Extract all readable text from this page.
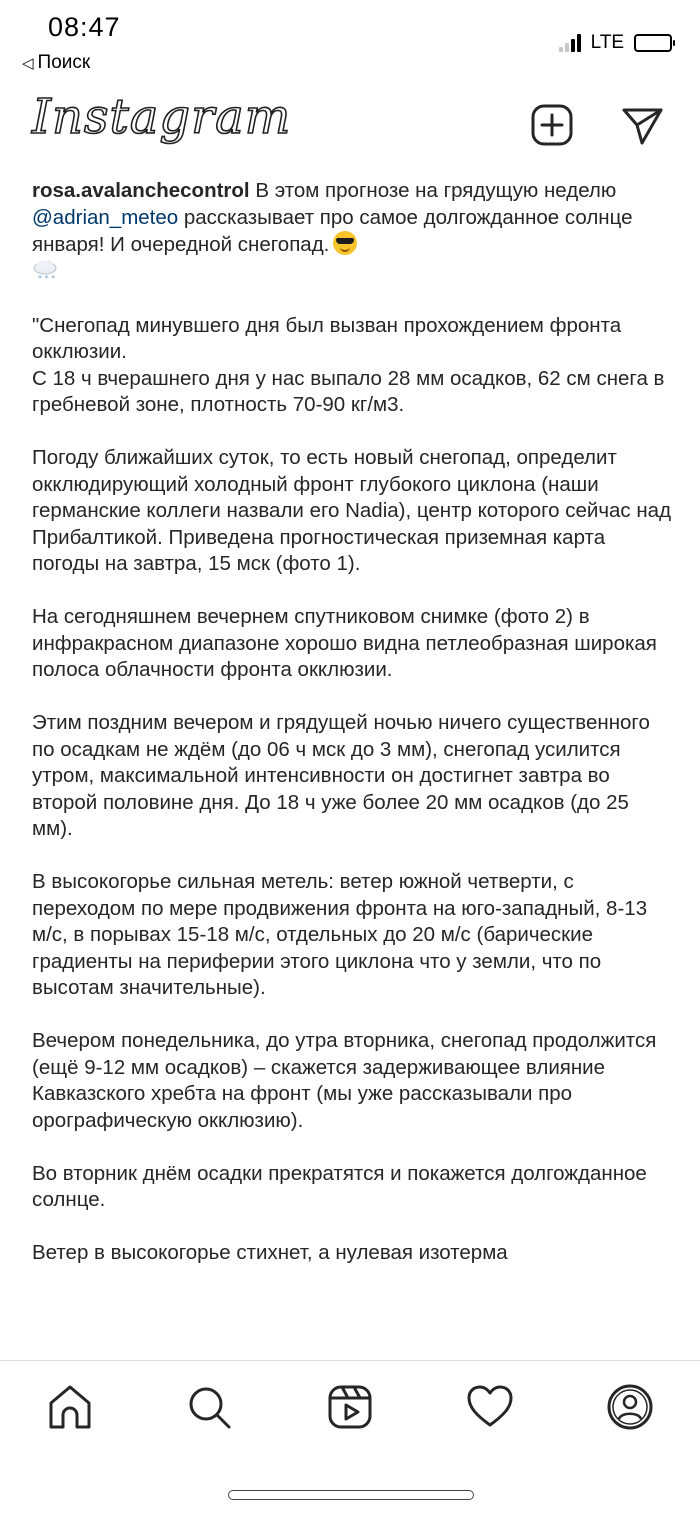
08:47
◁ Поиск
LTE
Instagram

rosa.avalanchecontrol В этом прогнозе на грядущую неделю @adrian_meteo рассказывает про самое долгожданное солнце января! И очередной снегопад.

* * *

"Снегопад минувшего дня был вызван прохождением фронта окклюзии.
С 18 ч вчерашнего дня у нас выпало 28 мм осадков, 62 см снега в гребневой зоне, плотность 70-90 кг/м3.

Погоду ближайших суток, то есть новый снегопад, определит окклюдирующий холодный фронт глубокого циклона (наши германские коллеги назвали его Nadia), центр которого сейчас над Прибалтикой. Приведена прогностическая приземная карта погоды на завтра, 15 мск (фото 1).

На сегодняшнем вечернем спутниковом снимке (фото 2) в инфракрасном диапазоне хорошо видна петлеобразная широкая полоса облачности фронта окклюзии.

Этим поздним вечером и грядущей ночью ничего существенного по осадкам не ждём (до 06 ч мск до 3 мм), снегопад усилится утром, максимальной интенсивности он достигнет завтра во второй половине дня. До 18 ч уже более 20 мм осадков (до 25 мм).

В высокогорье сильная метель: ветер южной четверти, с переходом по мере продвижения фронта на юго-западный, 8-13 м/с, в порывах 15-18 м/с, отдельных до 20 м/с (барические градиенты на периферии этого циклона что у земли, что по высотам значительные).

Вечером понедельника, до утра вторника, снегопад продолжится (ещё 9-12 мм осадков) – скажется задерживающее влияние Кавказского хребта на фронт (мы уже рассказывали про орографическую окклюзию).

Во вторник днём осадки прекратятся и покажется долгожданное солнце.

Ветер в высокогорье стихнет, а нулевая изотерма
